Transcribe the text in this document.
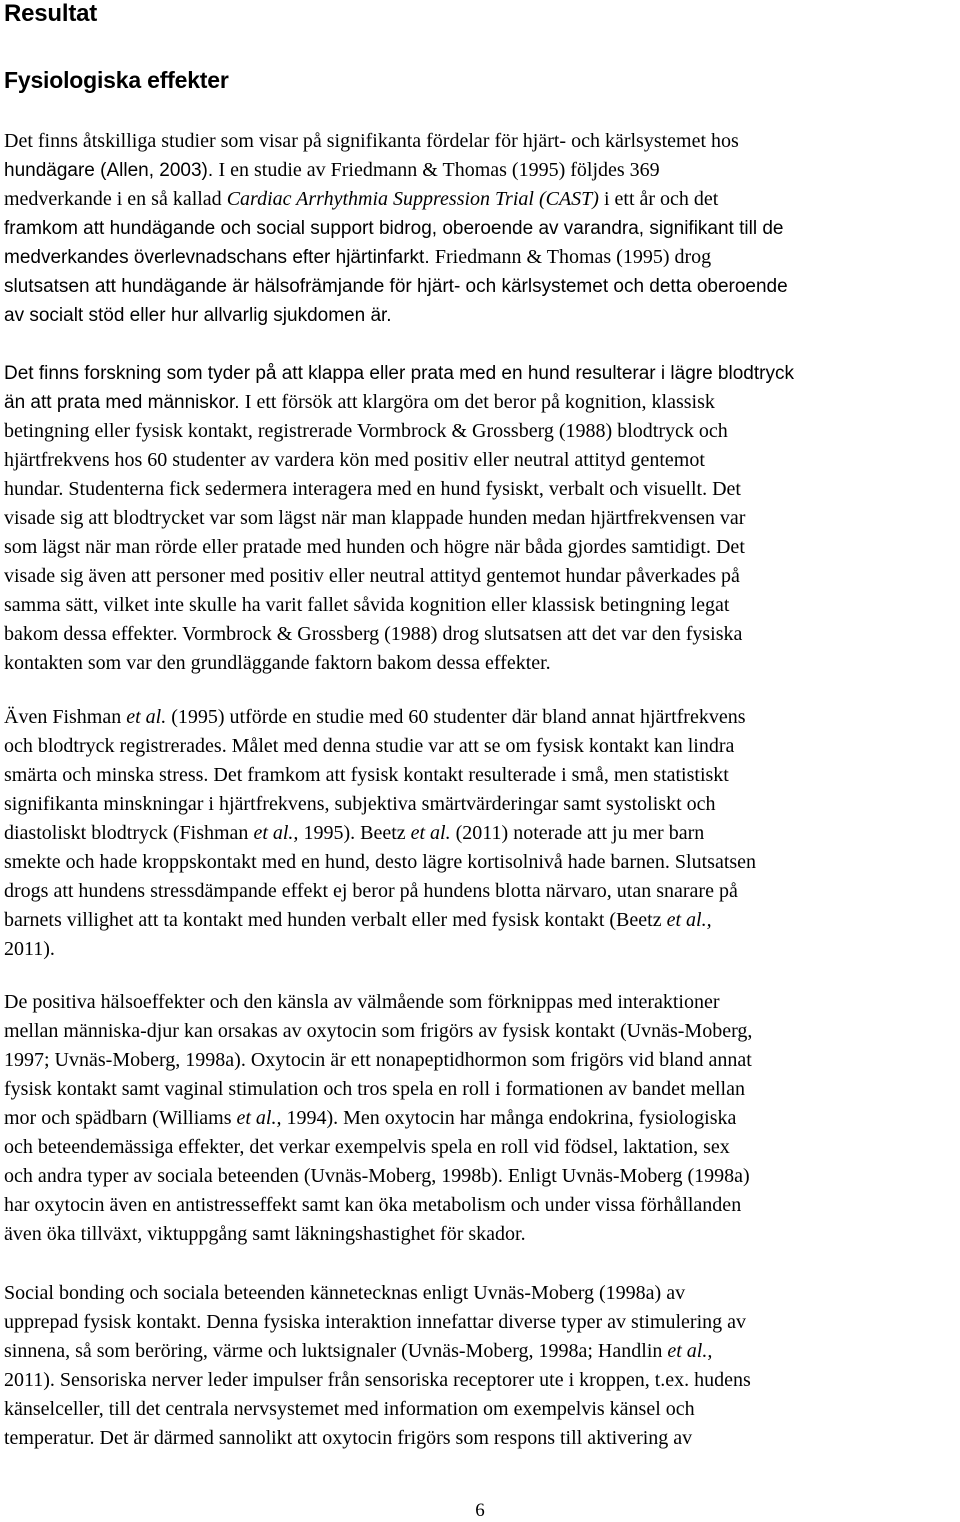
Resultat
Fysiologiska effekter
Det finns åtskilliga studier som visar på signifikanta fördelar för hjärt- och kärlsystemet hos
hundägare (Allen, 2003). I en studie av Friedmann & Thomas (1995) följdes 369
medverkande i en så kallad Cardiac Arrhythmia Suppression Trial (CAST) i ett år och det
framkom att hundägande och social support bidrog, oberoende av varandra, signifikant till de
medverkandes överlevnadschans efter hjärtinfarkt. Friedmann & Thomas (1995) drog
slutsatsen att hundägande är hälsofrämjande för hjärt- och kärlsystemet och detta oberoende
av socialt stöd eller hur allvarlig sjukdomen är.
Det finns forskning som tyder på att klappa eller prata med en hund resulterar i lägre blodtryck
än att prata med människor. I ett försök att klargöra om det beror på kognition, klassisk
betingning eller fysisk kontakt, registrerade Vormbrock & Grossberg (1988) blodtryck och
hjärtfrekvens hos 60 studenter av vardera kön med positiv eller neutral attityd gentemot
hundar. Studenterna fick sedermera interagera med en hund fysiskt, verbalt och visuellt. Det
visade sig att blodtrycket var som lägst när man klappade hunden medan hjärtfrekvensen var
som lägst när man rörde eller pratade med hunden och högre när båda gjordes samtidigt. Det
visade sig även att personer med positiv eller neutral attityd gentemot hundar påverkades på
samma sätt, vilket inte skulle ha varit fallet såvida kognition eller klassisk betingning legat
bakom dessa effekter. Vormbrock & Grossberg (1988) drog slutsatsen att det var den fysiska
kontakten som var den grundläggande faktorn bakom dessa effekter.
Även Fishman et al. (1995) utförde en studie med 60 studenter där bland annat hjärtfrekvens
och blodtryck registrerades. Målet med denna studie var att se om fysisk kontakt kan lindra
smärta och minska stress. Det framkom att fysisk kontakt resulterade i små, men statistiskt
signifikanta minskningar i hjärtfrekvens, subjektiva smärtvärderingar samt systoliskt och
diastoliskt blodtryck (Fishman et al., 1995). Beetz et al. (2011) noterade att ju mer barn
smekte och hade kroppskontakt med en hund, desto lägre kortisolnivå hade barnen. Slutsatsen
drogs att hundens stressdämpande effekt ej beror på hundens blotta närvaro, utan snarare på
barnets villighet att ta kontakt med hunden verbalt eller med fysisk kontakt (Beetz et al.,
2011).
De positiva hälsoeffekter och den känsla av välmående som förknippas med interaktioner
mellan människa-djur kan orsakas av oxytocin som frigörs av fysisk kontakt (Uvnäs-Moberg,
1997; Uvnäs-Moberg, 1998a). Oxytocin är ett nonapeptidhormon som frigörs vid bland annat
fysisk kontakt samt vaginal stimulation och tros spela en roll i formationen av bandet mellan
mor och spädbarn (Williams et al., 1994). Men oxytocin har många endokrina, fysiologiska
och beteendemässiga effekter, det verkar exempelvis spela en roll vid födsel, laktation, sex
och andra typer av sociala beteenden (Uvnäs-Moberg, 1998b). Enligt Uvnäs-Moberg (1998a)
har oxytocin även en antistresseffekt samt kan öka metabolism och under vissa förhållanden
även öka tillväxt, viktuppgång samt läkningshastighet för skador.
Social bonding och sociala beteenden kännetecknas enligt Uvnäs-Moberg (1998a) av
upprepad fysisk kontakt. Denna fysiska interaktion innefattar diverse typer av stimulering av
sinnena, så som beröring, värme och luktsignaler (Uvnäs-Moberg, 1998a; Handlin et al.,
2011). Sensoriska nerver leder impulser från sensoriska receptorer ute i kroppen, t.ex. hudens
känselceller, till det centrala nervsystemet med information om exempelvis känsel och
temperatur. Det är därmed sannolikt att oxytocin frigörs som respons till aktivering av
6
